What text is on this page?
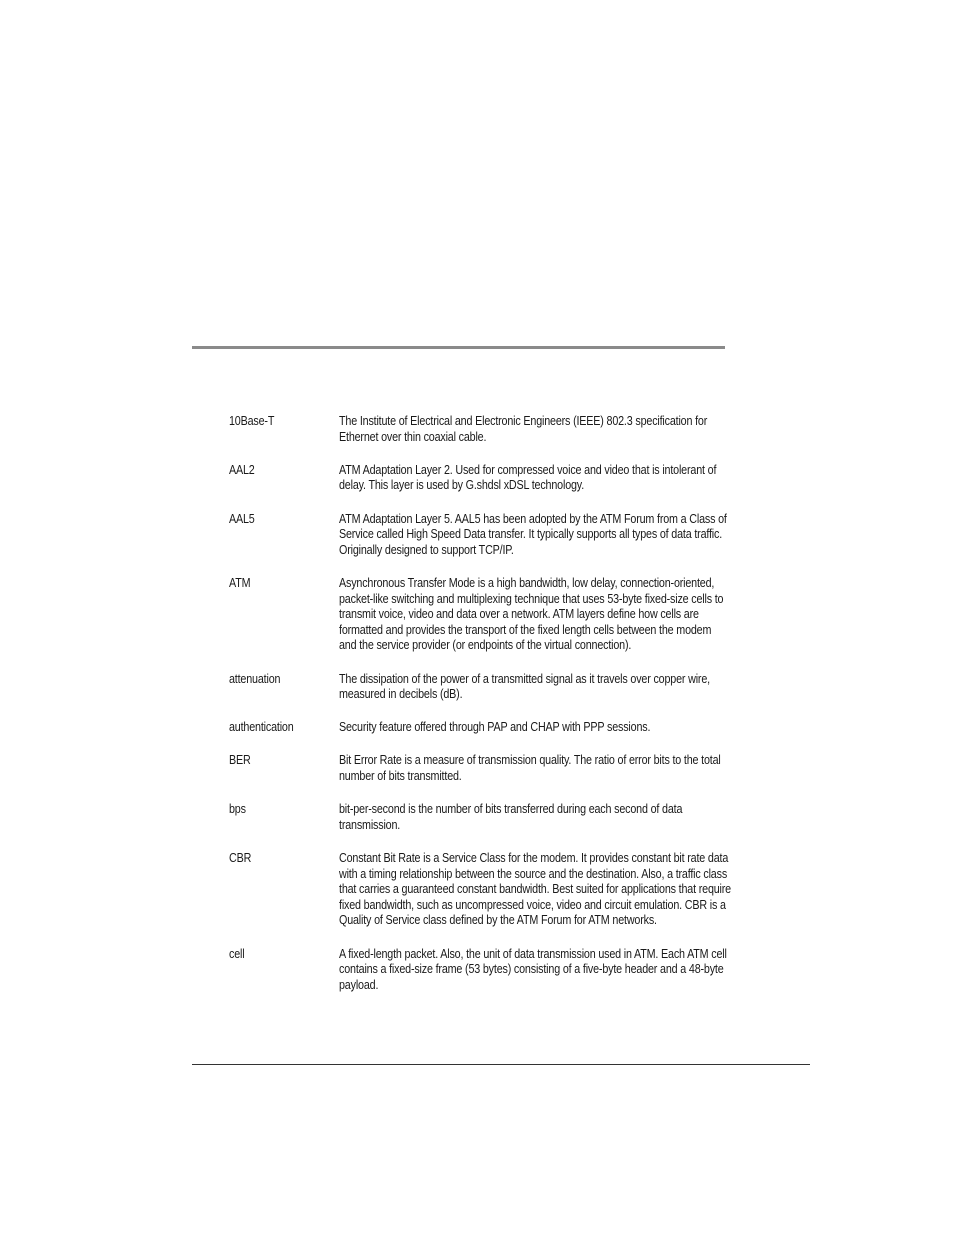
10Base-T	The Institute of Electrical and Electronic Engineers (IEEE) 802.3 specification for
Ethernet over thin coaxial cable.
AAL2	ATM Adaptation Layer 2. Used for compressed voice and video that is intolerant of
delay. This layer is used by G.shdsl xDSL technology.
AAL5	ATM Adaptation Layer 5. AAL5 has been adopted by the ATM Forum from a Class of
Service called High Speed Data transfer. It typically supports all types of data traffic.
Originally designed to support TCP/IP.
ATM	Asynchronous Transfer Mode is a high bandwidth, low delay, connection-oriented,
packet-like switching and multiplexing technique that uses 53-byte fixed-size cells to
transmit voice, video and data over a network. ATM layers define how cells are
formatted and provides the transport of the fixed length cells between the modem
and the service provider (or endpoints of the virtual connection).
attenuation	The dissipation of the power of a transmitted signal as it travels over copper wire,
measured in decibels (dB).
authentication	Security feature offered through PAP and CHAP with PPP sessions.
BER	Bit Error Rate is a measure of transmission quality. The ratio of error bits to the total
number of bits transmitted.
bps	bit-per-second is the number of bits transferred during each second of data
transmission.
CBR	Constant Bit Rate is a Service Class for the modem. It provides constant bit rate data
with a timing relationship between the source and the destination. Also, a traffic class
that carries a guaranteed constant bandwidth. Best suited for applications that require
fixed bandwidth, such as uncompressed voice, video and circuit emulation. CBR is a
Quality of Service class defined by the ATM Forum for ATM networks.
cell	A fixed-length packet. Also, the unit of data transmission used in ATM. Each ATM cell
contains a fixed-size frame (53 bytes) consisting of a five-byte header and a 48-byte
payload.
